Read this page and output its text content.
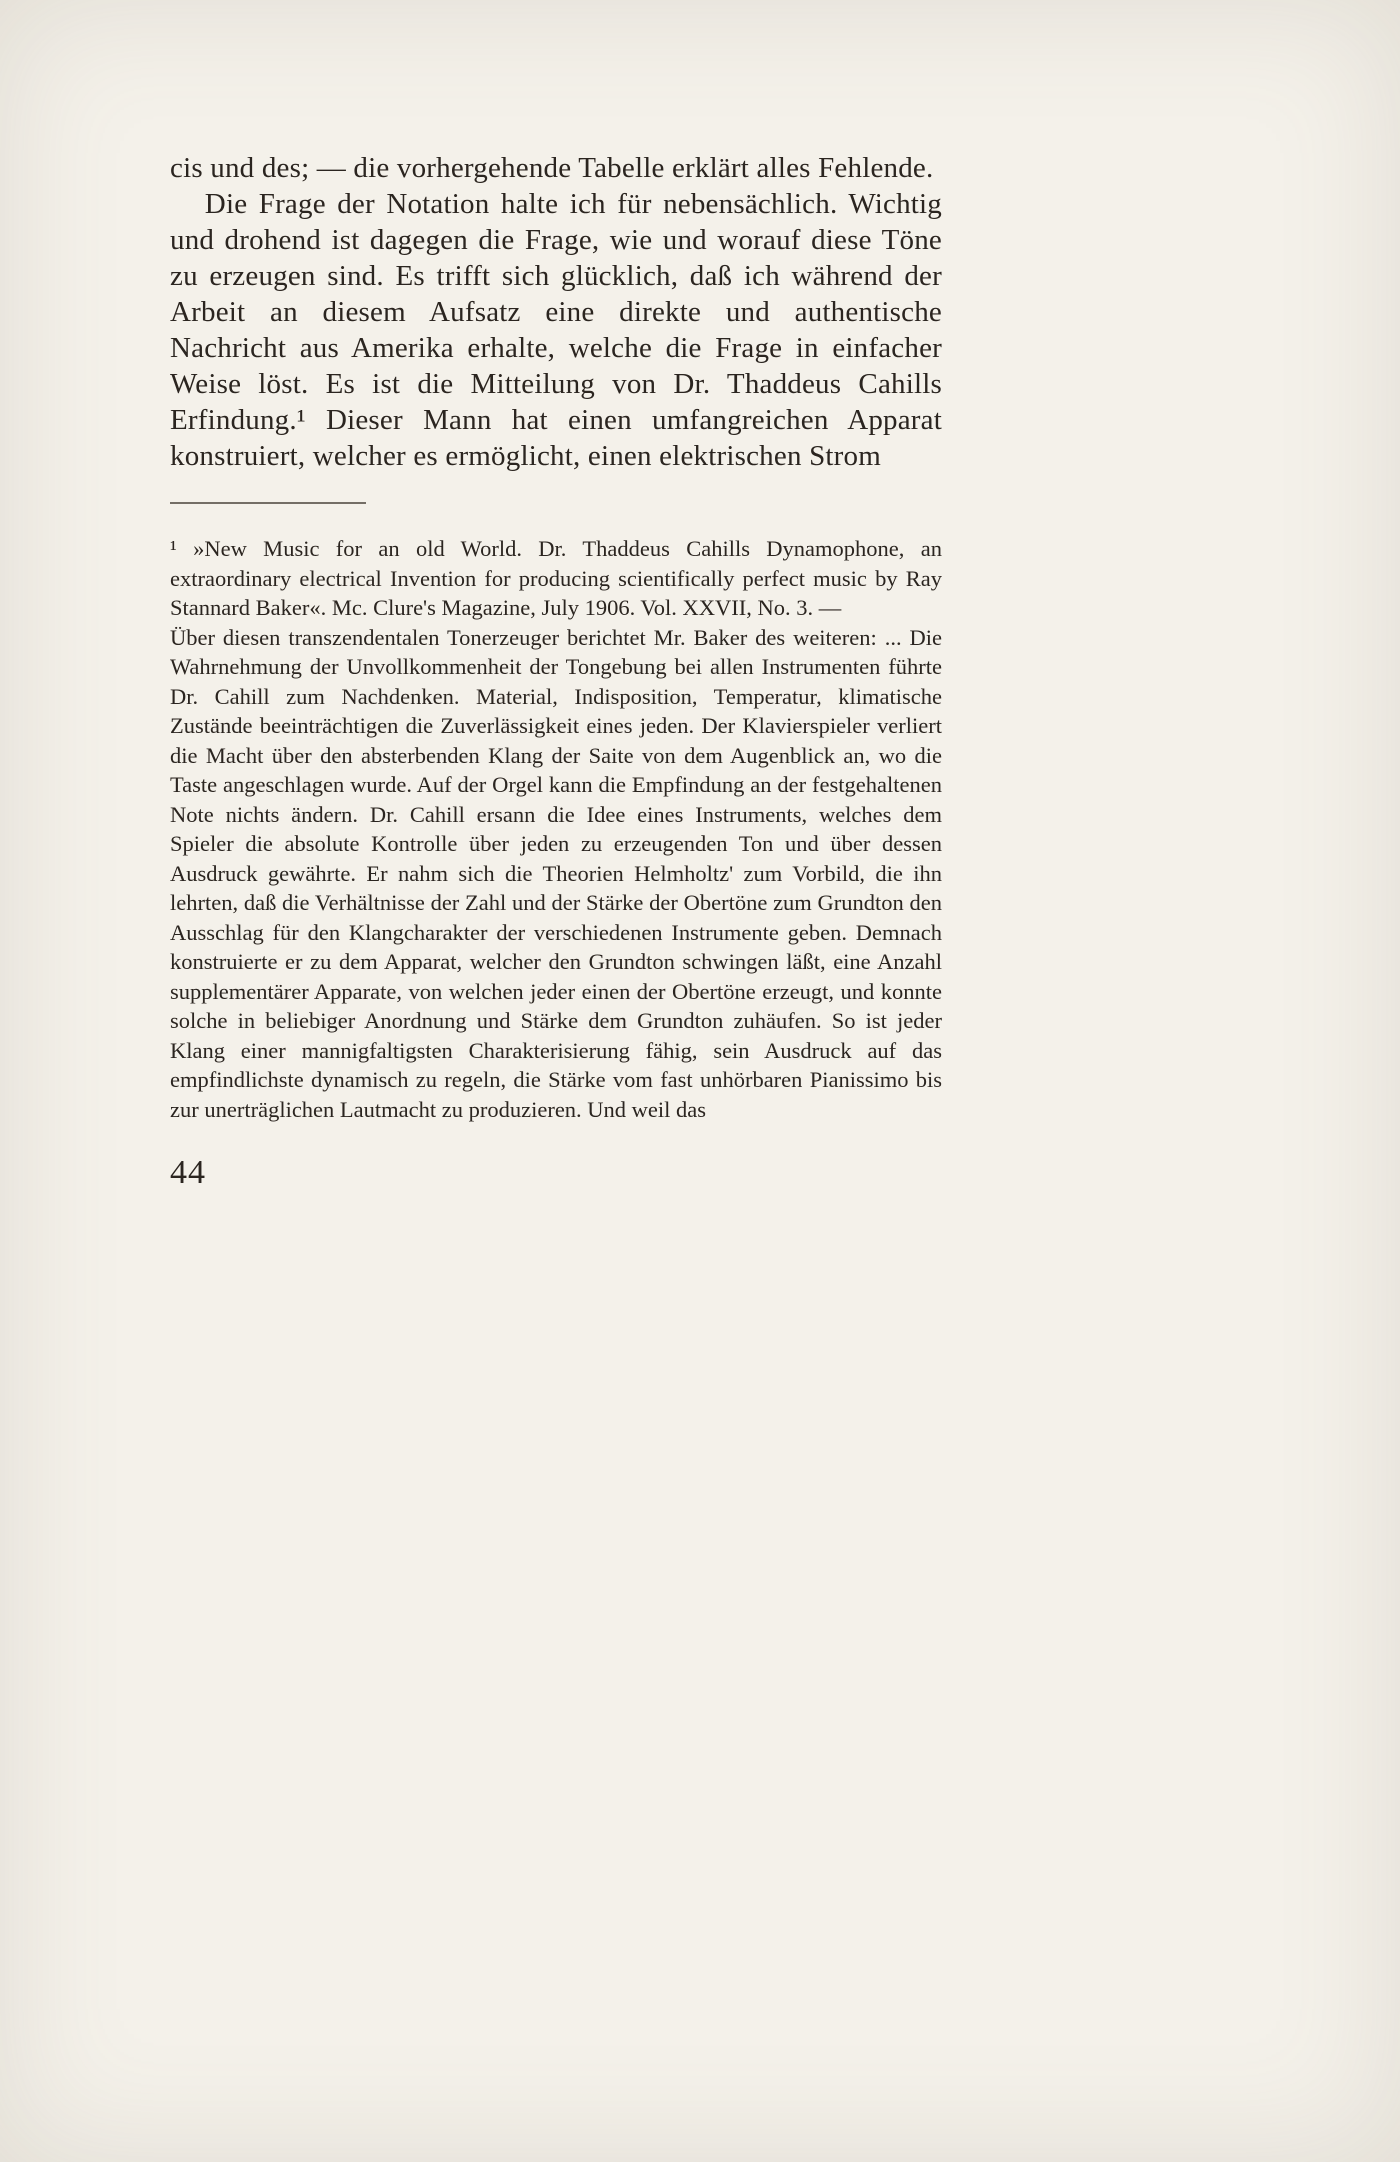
cis und des; — die vorhergehende Tabelle erklärt alles Fehlende.

Die Frage der Notation halte ich für nebensächlich. Wichtig und drohend ist dagegen die Frage, wie und worauf diese Töne zu erzeugen sind. Es trifft sich glücklich, daß ich während der Arbeit an diesem Aufsatz eine direkte und authentische Nachricht aus Amerika erhalte, welche die Frage in einfacher Weise löst. Es ist die Mitteilung von Dr. Thaddeus Cahills Erfindung.¹ Dieser Mann hat einen umfangreichen Apparat konstruiert, welcher es ermöglicht, einen elektrischen Strom

¹ »New Music for an old World. Dr. Thaddeus Cahills Dynamophone, an extraordinary electrical Invention for producing scientifically perfect music by Ray Stannard Baker«. Mc. Clure's Magazine, July 1906. Vol. XXVII, No. 3. —

Über diesen transzendentalen Tonerzeuger berichtet Mr. Baker des weiteren: ... Die Wahrnehmung der Unvollkommenheit der Tongebung bei allen Instrumenten führte Dr. Cahill zum Nachdenken. Material, Indisposition, Temperatur, klimatische Zustände beeinträchtigen die Zuverlässigkeit eines jeden. Der Klavierspieler verliert die Macht über den absterbenden Klang der Saite von dem Augenblick an, wo die Taste angeschlagen wurde. Auf der Orgel kann die Empfindung an der festgehaltenen Note nichts ändern. Dr. Cahill ersann die Idee eines Instruments, welches dem Spieler die absolute Kontrolle über jeden zu erzeugenden Ton und über dessen Ausdruck gewährte. Er nahm sich die Theorien Helmholtz' zum Vorbild, die ihn lehrten, daß die Verhältnisse der Zahl und der Stärke der Obertöne zum Grundton den Ausschlag für den Klangcharakter der verschiedenen Instrumente geben. Demnach konstruierte er zu dem Apparat, welcher den Grundton schwingen läßt, eine Anzahl supplementärer Apparate, von welchen jeder einen der Obertöne erzeugt, und konnte solche in beliebiger Anordnung und Stärke dem Grundton zuhäufen. So ist jeder Klang einer mannigfaltigsten Charakterisierung fähig, sein Ausdruck auf das empfindlichste dynamisch zu regeln, die Stärke vom fast unhörbaren Pianissimo bis zur unerträglichen Lautmacht zu produzieren. Und weil das

44
